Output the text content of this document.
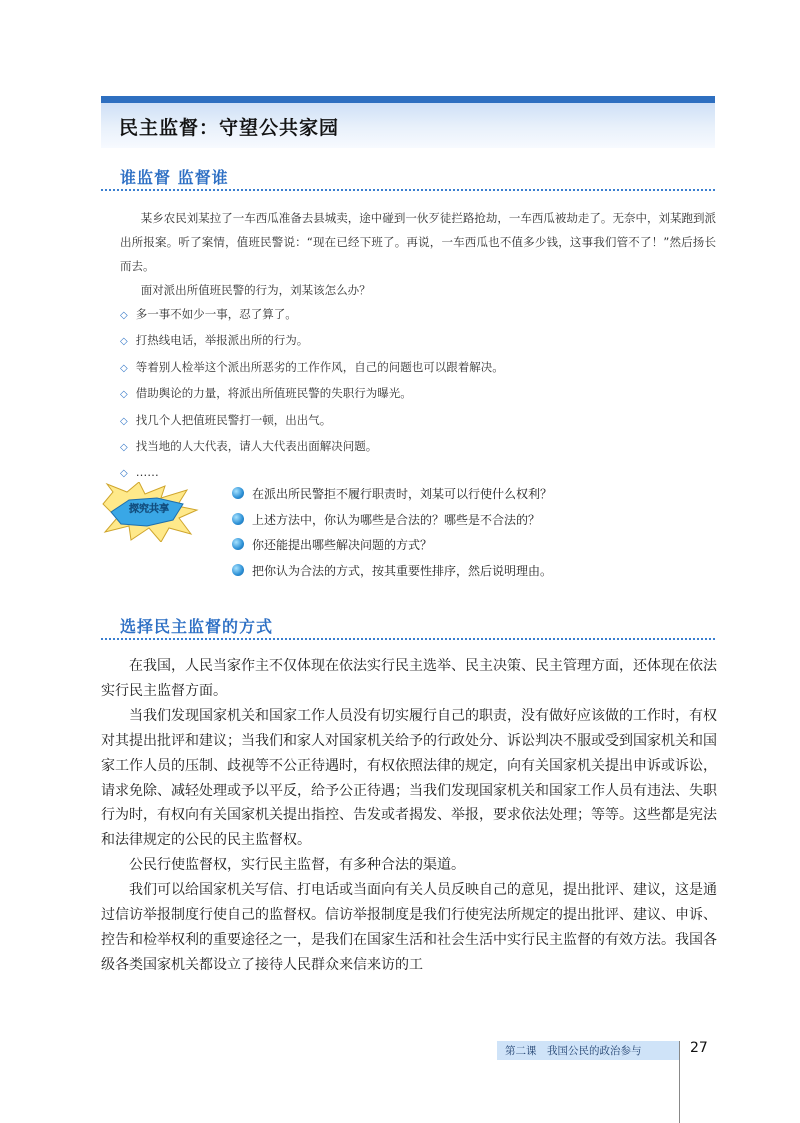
民主监督：守望公共家园
谁监督 监督谁

某乡农民刘某拉了一车西瓜准备去县城卖，途中碰到一伙歹徒拦路抢劫，一车西瓜被劫走了。无奈中，刘某跑到派出所报案。听了案情，值班民警说：“现在已经下班了。再说，一车西瓜也不值多少钱，这事我们管不了！”然后扬长而去。

面对派出所值班民警的行为，刘某该怎么办？

◇ 多一事不如少一事，忍了算了。
◇ 打热线电话，举报派出所的行为。
◇ 等着别人检举这个派出所恶劣的工作作风，自己的问题也可以跟着解决。
◇ 借助舆论的力量，将派出所值班民警的失职行为曝光。
◇ 找几个人把值班民警打一顿，出出气。
◇ 找当地的人大代表，请人大代表出面解决问题。
◇ ……
探究共享
在派出所民警拒不履行职责时，刘某可以行使什么权利？
上述方法中，你认为哪些是合法的？哪些是不合法的？
你还能提出哪些解决问题的方式？
把你认为合法的方式，按其重要性排序，然后说明理由。
选择民主监督的方式

在我国，人民当家作主不仅体现在依法实行民主选举、民主决策、民主管理方面，还体现在依法实行民主监督方面。

当我们发现国家机关和国家工作人员没有切实履行自己的职责，没有做好应该做的工作时，有权对其提出批评和建议；当我们和家人对国家机关给予的行政处分、诉讼判决不服或受到国家机关和国家工作人员的压制、歧视等不公正待遇时，有权依照法律的规定，向有关国家机关提出申诉或诉讼，请求免除、减轻处理或予以平反，给予公正待遇；当我们发现国家机关和国家工作人员有违法、失职行为时，有权向有关国家机关提出指控、告发或者揭发、举报，要求依法处理；等等。这些都是宪法和法律规定的公民的民主监督权。

公民行使监督权，实行民主监督，有多种合法的渠道。

我们可以给国家机关写信、打电话或当面向有关人员反映自己的意见，提出批评、建议，这是通过信访举报制度行使自己的监督权。信访举报制度是我们行使宪法所规定的提出批评、建议、申诉、控告和检举权利的重要途径之一，是我们在国家生活和社会生活中实行民主监督的有效方法。我国各级各类国家机关都设立了接待人民群众来信来访的工

第二课　我国公民的政治参与	27
